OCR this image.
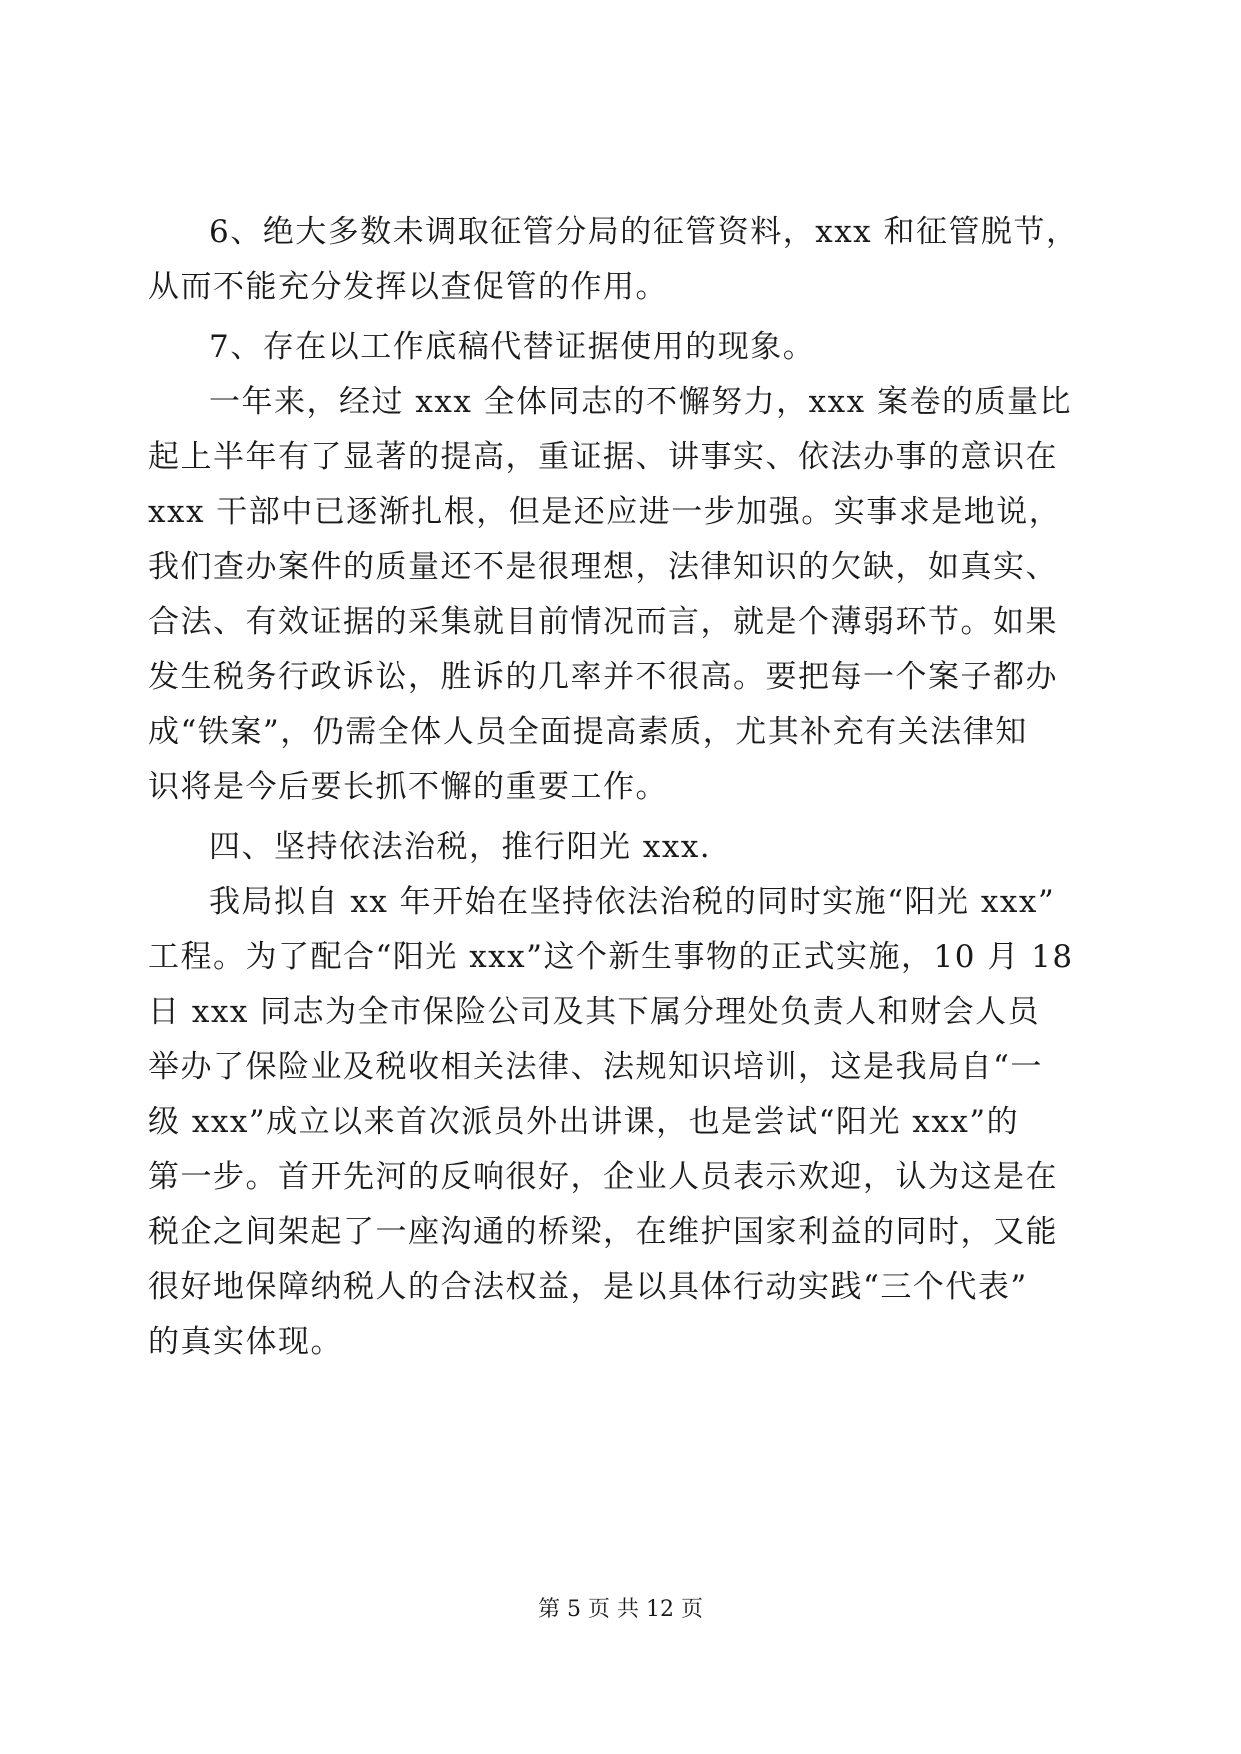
6、绝大多数未调取征管分局的征管资料，xxx 和征管脱节，
从而不能充分发挥以查促管的作用。
7、存在以工作底稿代替证据使用的现象。
一年来，经过 xxx 全体同志的不懈努力，xxx 案卷的质量比
起上半年有了显著的提高，重证据、讲事实、依法办事的意识在
xxx 干部中已逐渐扎根，但是还应进一步加强。实事求是地说，
我们查办案件的质量还不是很理想，法律知识的欠缺，如真实、
合法、有效证据的采集就目前情况而言，就是个薄弱环节。如果
发生税务行政诉讼，胜诉的几率并不很高。要把每一个案子都办
成“铁案”，仍需全体人员全面提高素质，尤其补充有关法律知
识将是今后要长抓不懈的重要工作。
四、坚持依法治税，推行阳光 xxx.
我局拟自 xx 年开始在坚持依法治税的同时实施“阳光 xxx”
工程。为了配合“阳光 xxx”这个新生事物的正式实施，10 月 18
日 xxx 同志为全市保险公司及其下属分理处负责人和财会人员
举办了保险业及税收相关法律、法规知识培训，这是我局自“一
级 xxx”成立以来首次派员外出讲课，也是尝试“阳光 xxx”的
第一步。首开先河的反响很好，企业人员表示欢迎，认为这是在
税企之间架起了一座沟通的桥梁，在维护国家利益的同时，又能
很好地保障纳税人的合法权益，是以具体行动实践“三个代表”
的真实体现。
第 5 页 共 12 页
